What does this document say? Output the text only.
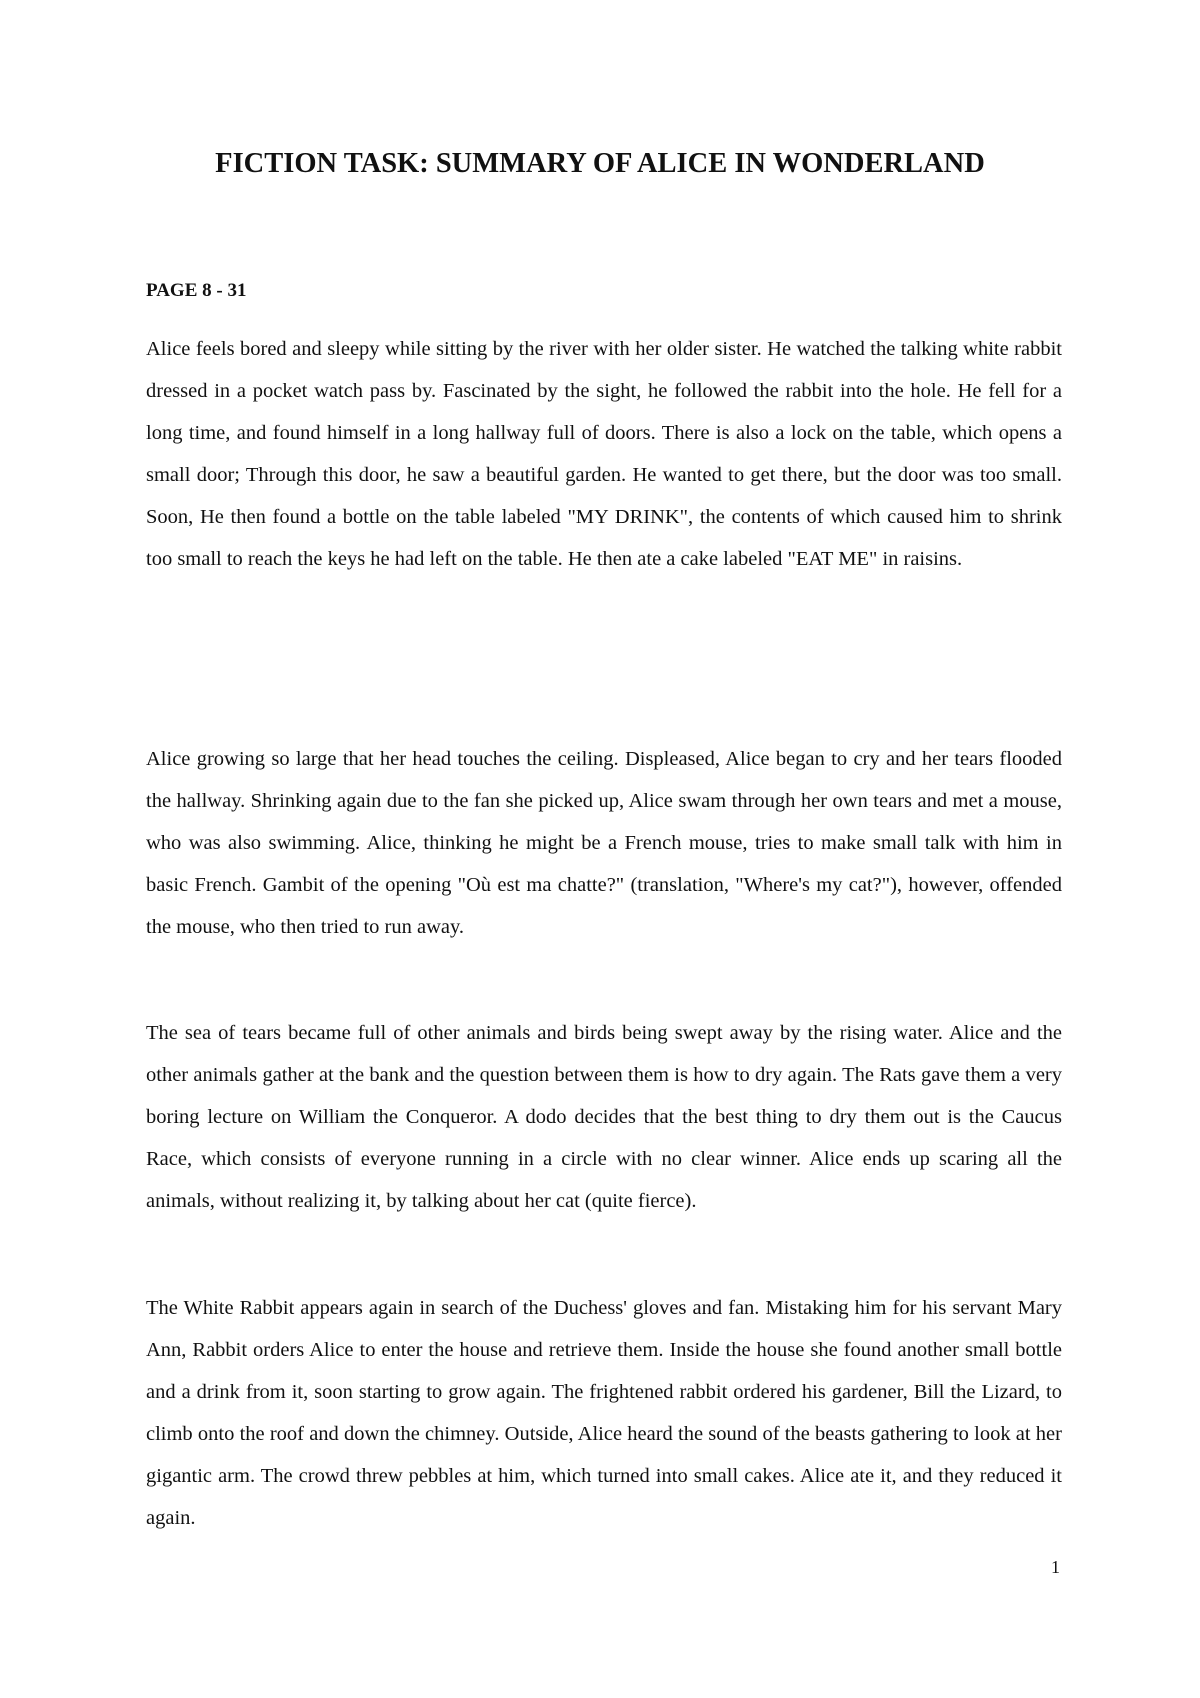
FICTION TASK: SUMMARY OF ALICE IN WONDERLAND
PAGE 8 - 31

Alice feels bored and sleepy while sitting by the river with her older sister. He watched the talking white rabbit dressed in a pocket watch pass by. Fascinated by the sight, he followed the rabbit into the hole. He fell for a long time, and found himself in a long hallway full of doors. There is also a lock on the table, which opens a small door; Through this door, he saw a beautiful garden. He wanted to get there, but the door was too small. Soon, He then found a bottle on the table labeled "MY DRINK", the contents of which caused him to shrink too small to reach the keys he had left on the table. He then ate a cake labeled "EAT ME" in raisins.

Alice growing so large that her head touches the ceiling. Displeased, Alice began to cry and her tears flooded the hallway. Shrinking again due to the fan she picked up, Alice swam through her own tears and met a mouse, who was also swimming. Alice, thinking he might be a French mouse, tries to make small talk with him in basic French. Gambit of the opening "Où est ma chatte?" (translation, "Where's my cat?"), however, offended the mouse, who then tried to run away.

The sea of tears became full of other animals and birds being swept away by the rising water. Alice and the other animals gather at the bank and the question between them is how to dry again. The Rats gave them a very boring lecture on William the Conqueror. A dodo decides that the best thing to dry them out is the Caucus Race, which consists of everyone running in a circle with no clear winner. Alice ends up scaring all the animals, without realizing it, by talking about her cat (quite fierce).

The White Rabbit appears again in search of the Duchess' gloves and fan. Mistaking him for his servant Mary Ann, Rabbit orders Alice to enter the house and retrieve them. Inside the house she found another small bottle and a drink from it, soon starting to grow again. The frightened rabbit ordered his gardener, Bill the Lizard, to climb onto the roof and down the chimney. Outside, Alice heard the sound of the beasts gathering to look at her gigantic arm. The crowd threw pebbles at him, which turned into small cakes. Alice ate it, and they reduced it again.

1
